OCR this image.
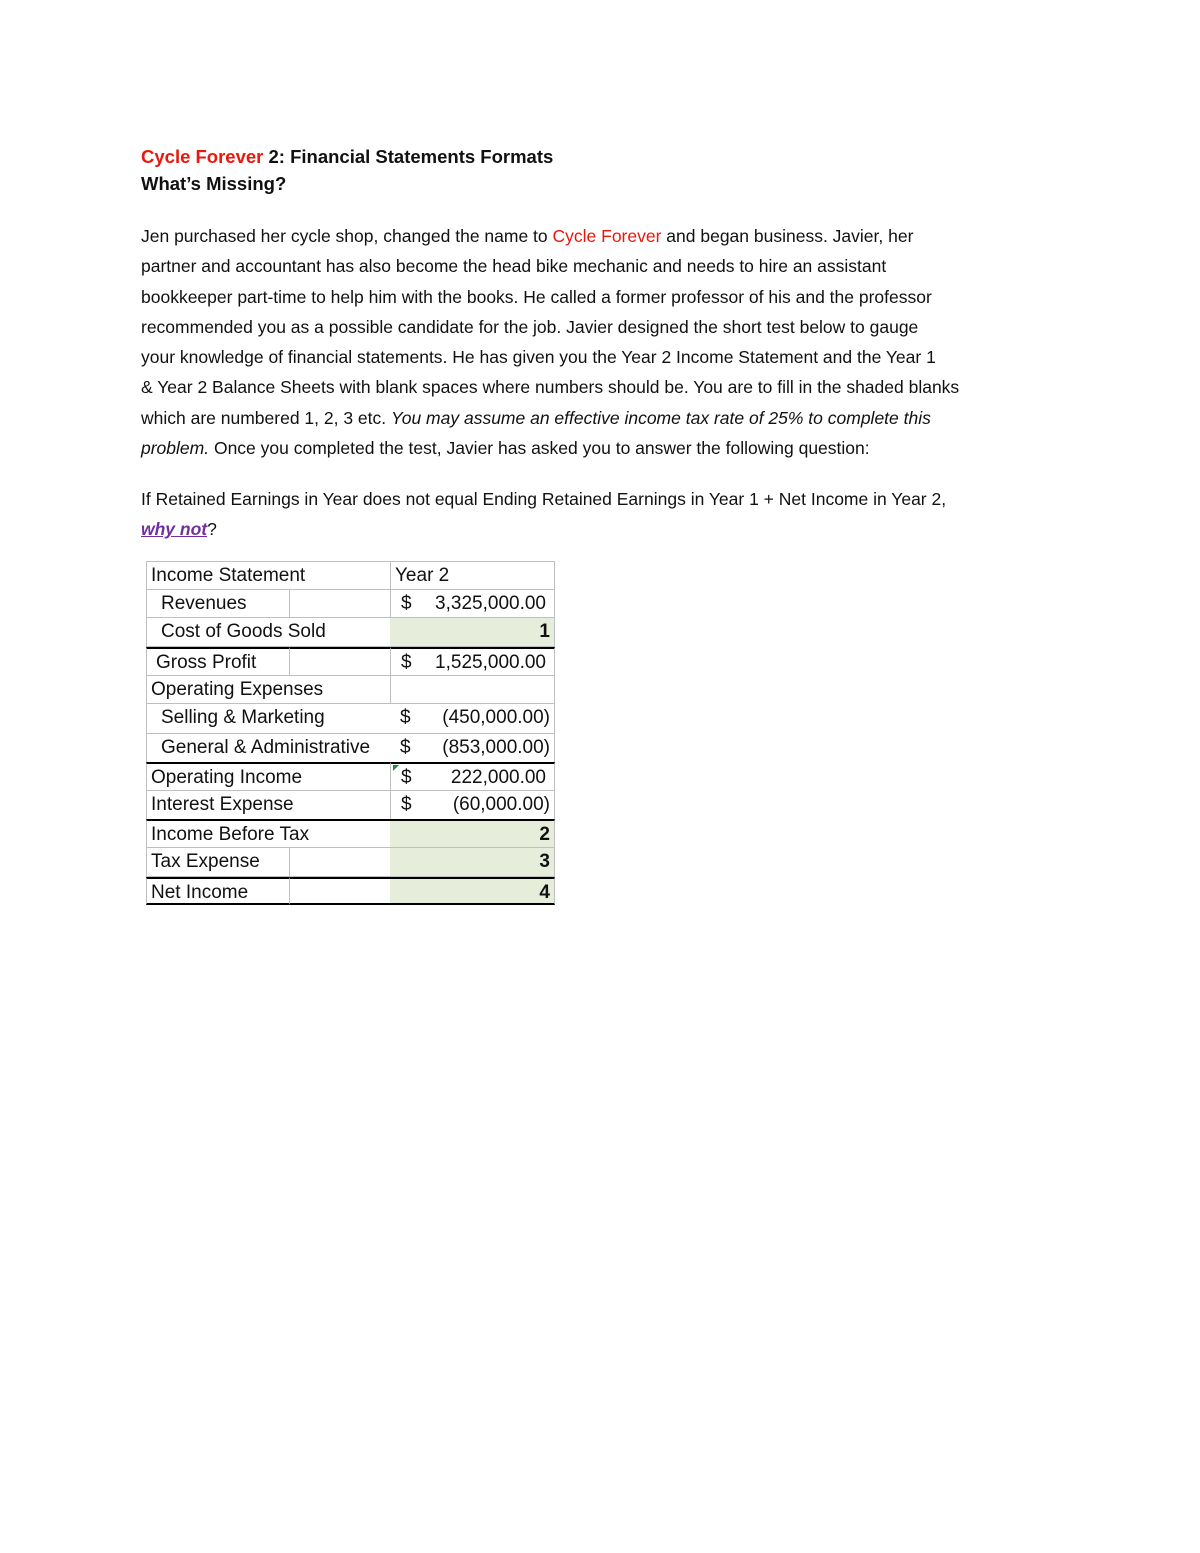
Cycle Forever 2: Financial Statements Formats
What’s Missing?
Jen purchased her cycle shop, changed the name to Cycle Forever and began business. Javier, her
partner and accountant has also become the head bike mechanic and needs to hire an assistant
bookkeeper part-time to help him with the books. He called a former professor of his and the professor
recommended you as a possible candidate for the job. Javier designed the short test below to gauge
your knowledge of financial statements. He has given you the Year 2 Income Statement and the Year 1
& Year 2 Balance Sheets with blank spaces where numbers should be. You are to fill in the shaded blanks
which are numbered 1, 2, 3 etc. You may assume an effective income tax rate of 25% to complete this
problem. Once you completed the test, Javier has asked you to answer the following question:
If Retained Earnings in Year does not equal Ending Retained Earnings in Year 1 + Net Income in Year 2,
why not?
Income Statement	Year 2
Revenues	$ 3,325,000.00
Cost of Goods Sold	1
Gross Profit	$ 1,525,000.00
Operating Expenses
Selling & Marketing	$ (450,000.00)
General & Administrative	$ (853,000.00)
Operating Income	$ 222,000.00
Interest Expense	$ (60,000.00)
Income Before Tax	2
Tax Expense	3
Net Income	4
